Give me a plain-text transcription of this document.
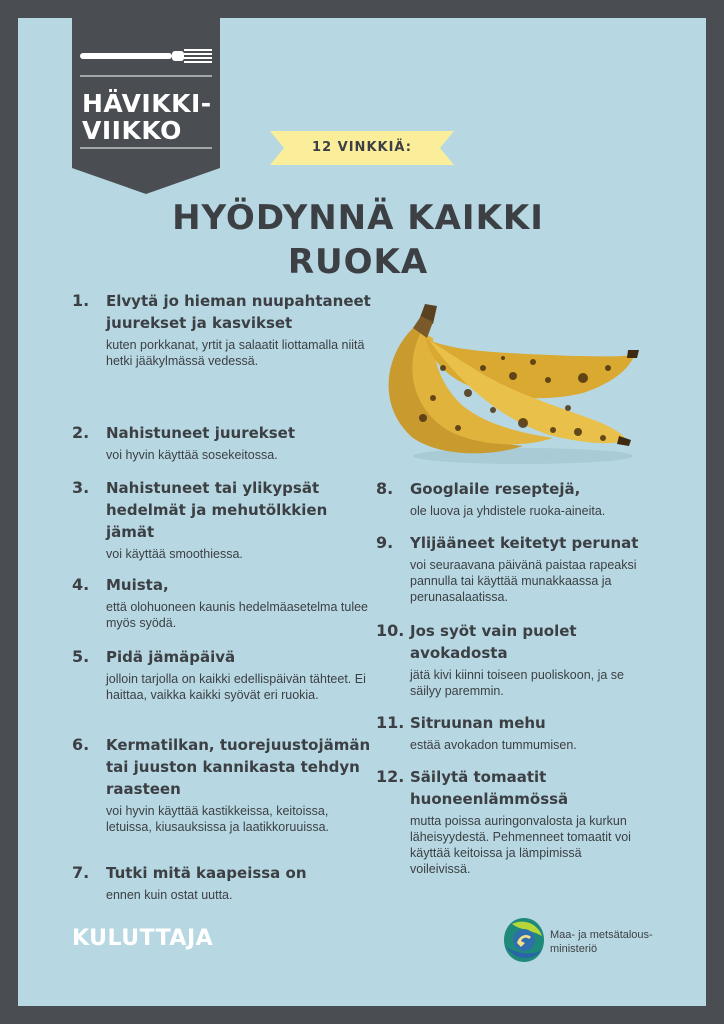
HÄVIKKI-
VIIKKO
12 VINKKIÄ:
HYÖDYNNÄ KAIKKI
RUOKA
1. Elvytä jo hieman nuupahtaneet juurekset ja kasvikset
kuten porkkanat, yrtit ja salaatit liottamalla niitä hetki jääkylmässä vedessä.
2. Nahistuneet juurekset
voi hyvin käyttää sosekeitossa.
3. Nahistuneet tai ylikypsät hedelmät ja mehutölkkien jämät
voi käyttää smoothiessa.
4. Muista,
että olohuoneen kaunis hedelmäasetelma tulee myös syödä.
5. Pidä jämäpäivä
jolloin tarjolla on kaikki edellispäivän tähteet. Ei haittaa, vaikka kaikki syövät eri ruokia.
6. Kermatilkan, tuorejuustojämän tai juuston kannikasta tehdyn raasteen
voi hyvin käyttää kastikkeissa, keitoissa, letuissa, kiusauksissa ja laatikkoruuissa.
7. Tutki mitä kaapeissa on
ennen kuin ostat uutta.
8. Googlaile reseptejä,
ole luova ja yhdistele ruoka-aineita.
9. Ylijääneet keitetyt perunat
voi seuraavana päivänä paistaa rapeaksi pannulla tai käyttää munakkaassa ja perunasalaatissa.
10. Jos syöt vain puolet avokadosta
jätä kivi kiinni toiseen puoliskoon, ja se säilyy paremmin.
11. Sitruunan mehu
estää avokadon tummumisen.
12. Säilytä tomaatit huoneenlämmössä
mutta poissa auringonvalosta ja kurkun läheisyydestä. Pehmenneet tomaatit voi käyttää keitoissa ja lämpimissä voileivissä.
KULUTTAJA	Maa- ja metsätalous-
ministeriö
